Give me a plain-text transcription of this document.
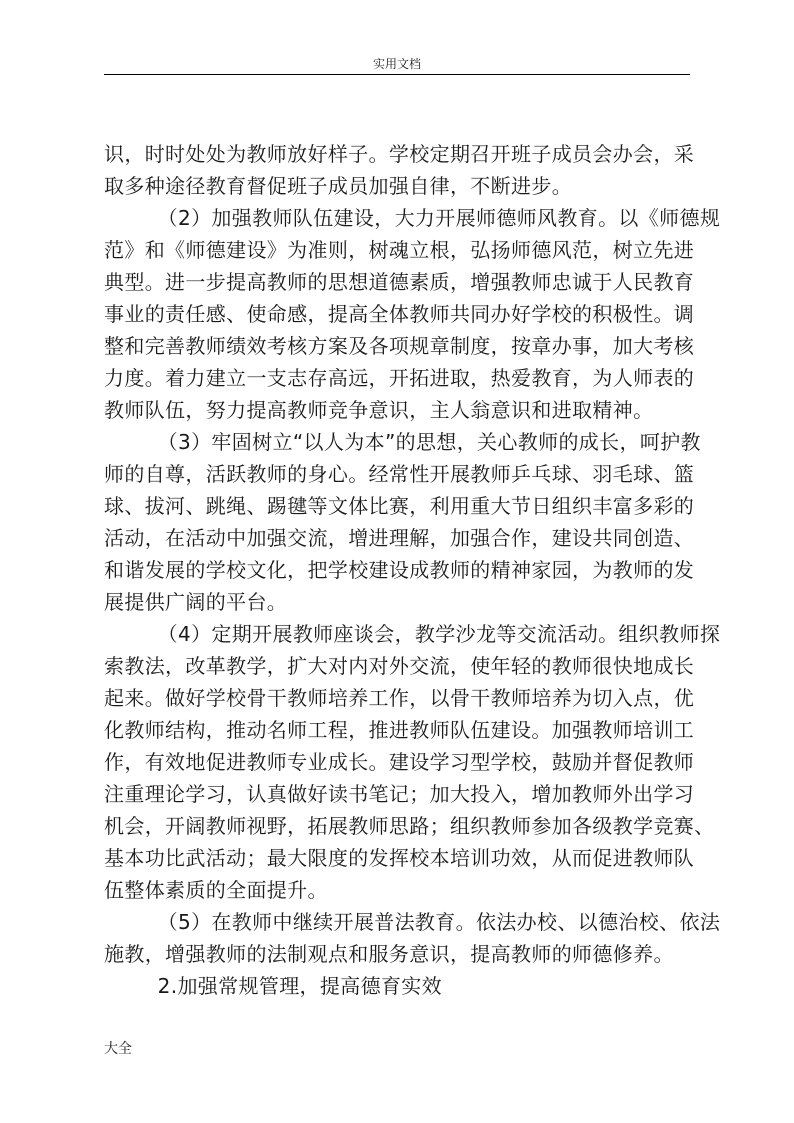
实用文档
识，时时处处为教师放好样子。学校定期召开班子成员会办会，采
取多种途径教育督促班子成员加强自律，不断进步。
（2）加强教师队伍建设，大力开展师德师风教育。以《师德规
范》和《师德建设》为准则，树魂立根，弘扬师德风范，树立先进
典型。进一步提高教师的思想道德素质，增强教师忠诚于人民教育
事业的责任感、使命感，提高全体教师共同办好学校的积极性。调
整和完善教师绩效考核方案及各项规章制度，按章办事，加大考核
力度。着力建立一支志存高远，开拓进取，热爱教育，为人师表的
教师队伍，努力提高教师竞争意识，主人翁意识和进取精神。
（3）牢固树立“以人为本”的思想，关心教师的成长，呵护教
师的自尊，活跃教师的身心。经常性开展教师乒乓球、羽毛球、篮
球、拔河、跳绳、踢毽等文体比赛，利用重大节日组织丰富多彩的
活动，在活动中加强交流，增进理解，加强合作，建设共同创造、
和谐发展的学校文化，把学校建设成教师的精神家园，为教师的发
展提供广阔的平台。
（4）定期开展教师座谈会，教学沙龙等交流活动。组织教师探
索教法，改革教学，扩大对内对外交流，使年轻的教师很快地成长
起来。做好学校骨干教师培养工作，以骨干教师培养为切入点，优
化教师结构，推动名师工程，推进教师队伍建设。加强教师培训工
作，有效地促进教师专业成长。建设学习型学校，鼓励并督促教师
注重理论学习，认真做好读书笔记；加大投入，增加教师外出学习
机会，开阔教师视野，拓展教师思路；组织教师参加各级教学竞赛、
基本功比武活动；最大限度的发挥校本培训功效，从而促进教师队
伍整体素质的全面提升。
（5）在教师中继续开展普法教育。依法办校、以德治校、依法
施教，增强教师的法制观点和服务意识，提高教师的师德修养。
2.加强常规管理，提高德育实效
大全
